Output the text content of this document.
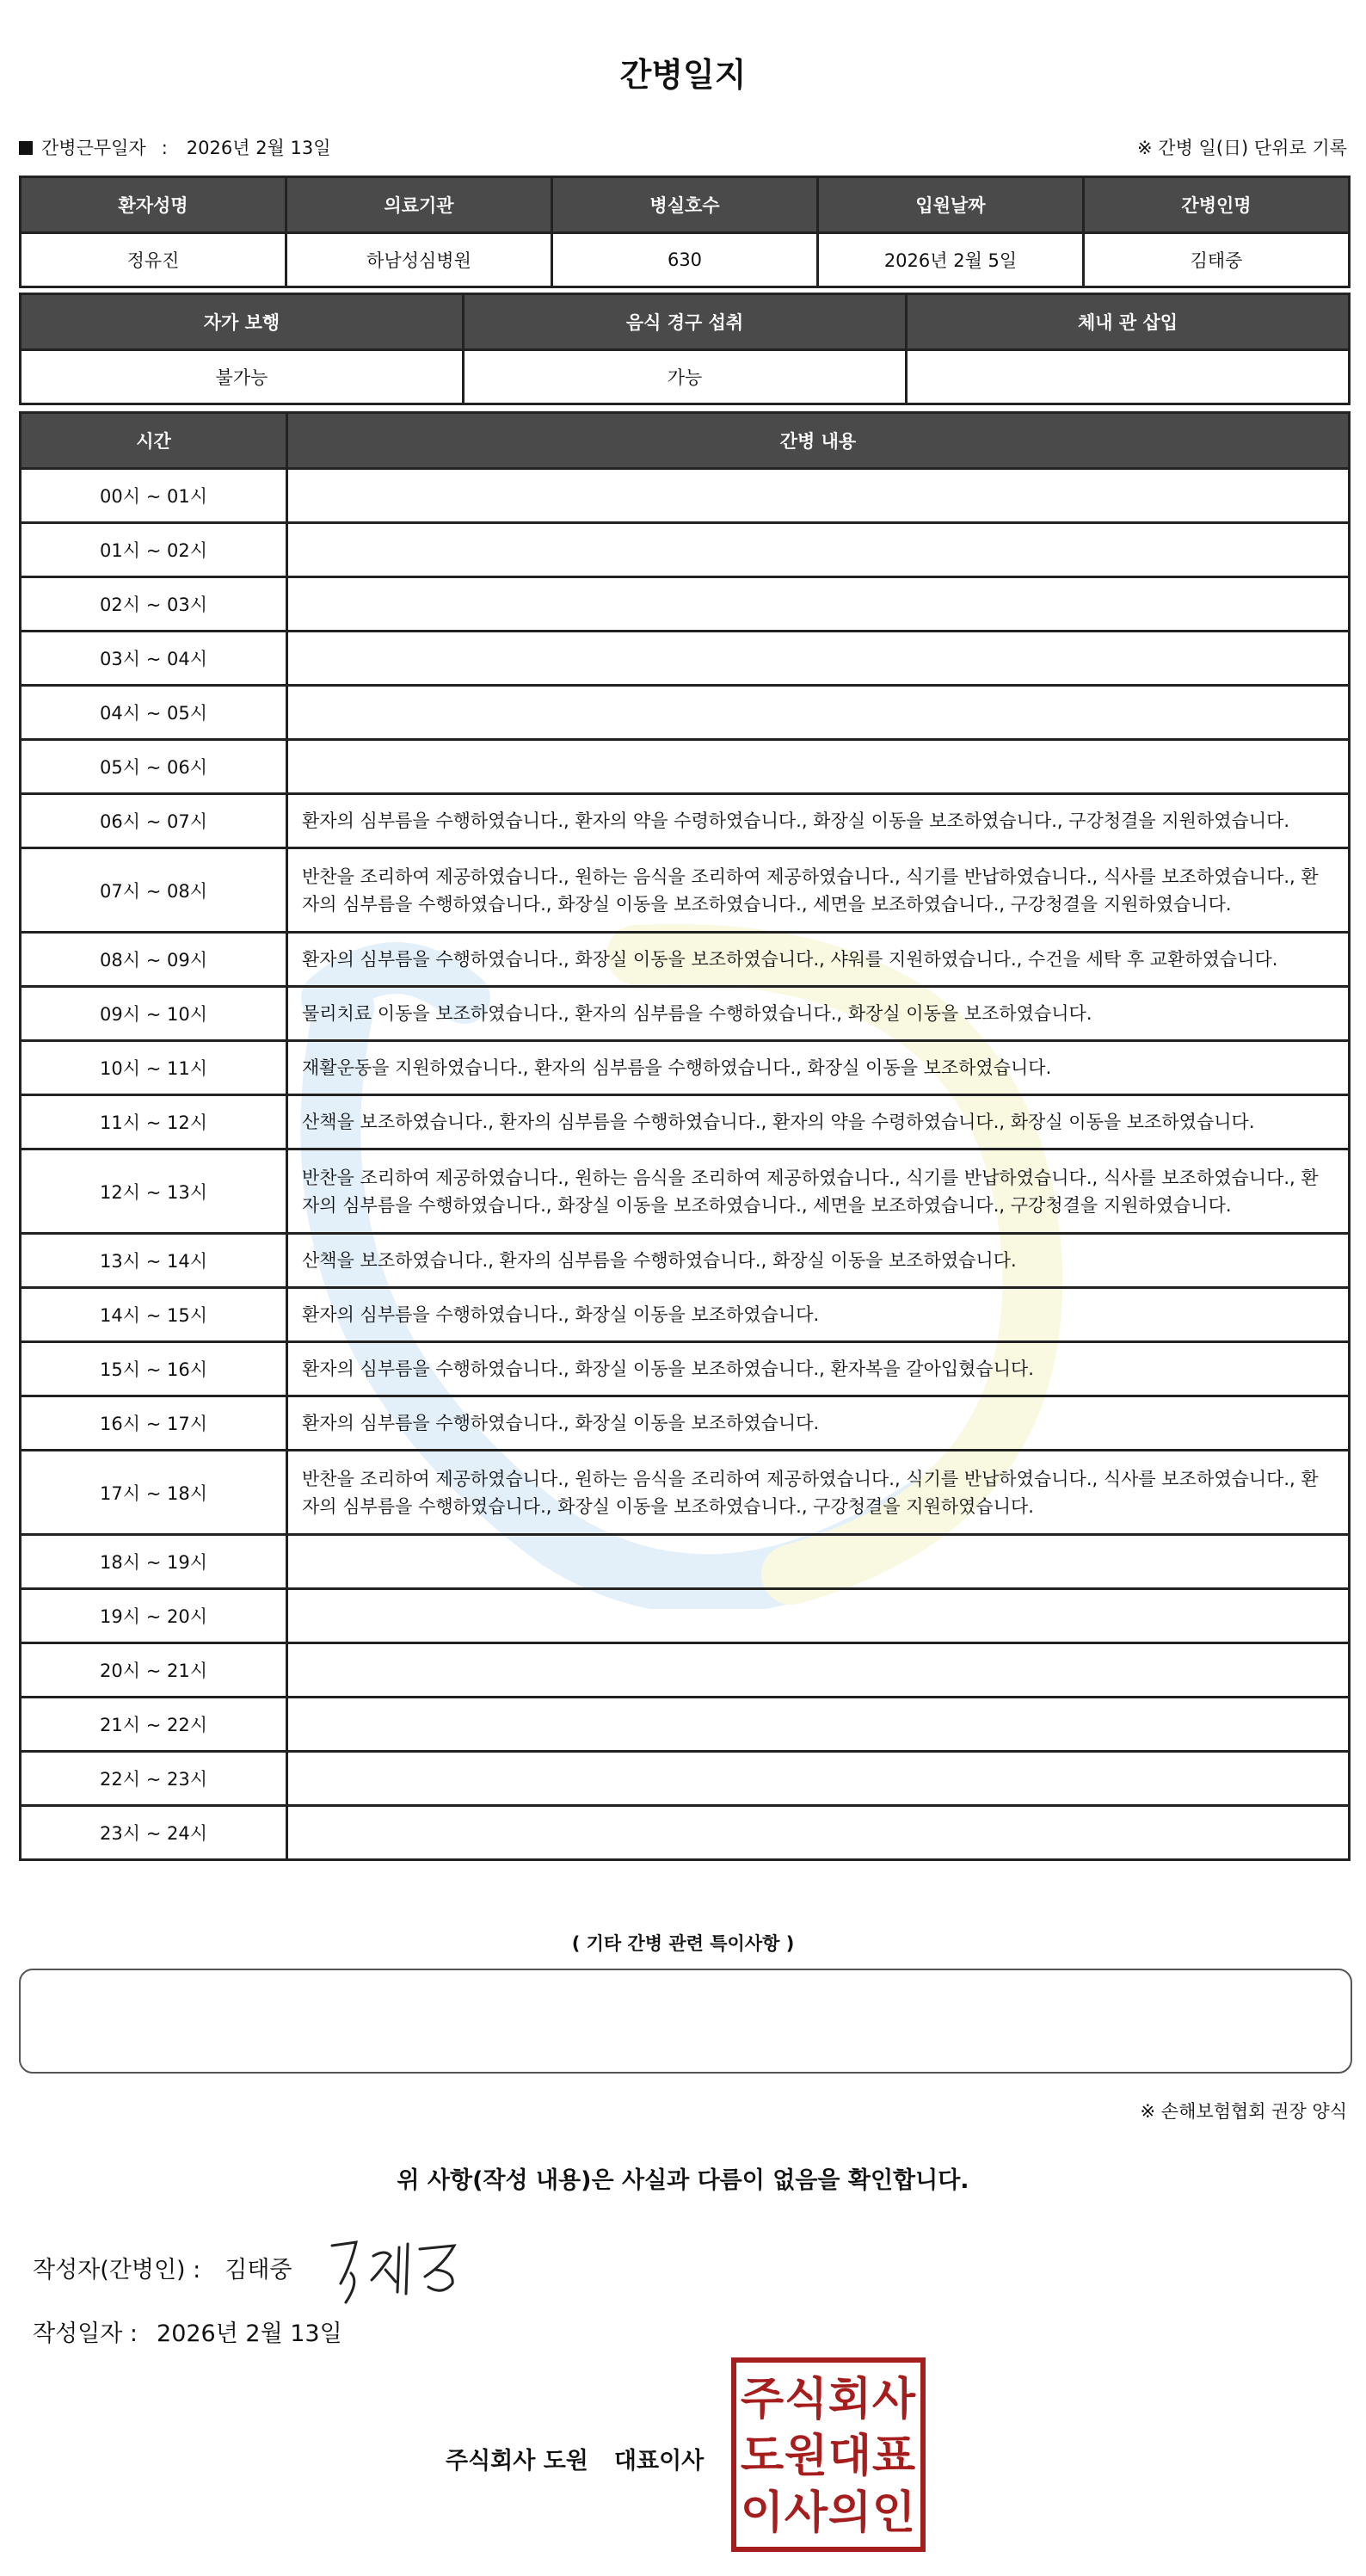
간병일지
간병근무일자 : 2026년 2월 13일	※ 간병 일(日) 단위로 기록
환자성명	의료기관	병실호수	입원날짜	간병인명
정유진	하남성심병원	630	2026년 2월 5일	김태중
자가 보행	음식 경구 섭취	체내 관 삽입
불가능	가능	
시간	간병 내용
00시 ~ 01시	
01시 ~ 02시	
02시 ~ 03시	
03시 ~ 04시	
04시 ~ 05시	
05시 ~ 06시	
06시 ~ 07시	환자의 심부름을 수행하였습니다., 환자의 약을 수령하였습니다., 화장실 이동을 보조하였습니다., 구강청결을 지원하였습니다.
07시 ~ 08시	반찬을 조리하여 제공하였습니다., 원하는 음식을 조리하여 제공하였습니다., 식기를 반납하였습니다., 식사를 보조하였습니다., 환자의 심부름을 수행하였습니다., 화장실 이동을 보조하였습니다., 세면을 보조하였습니다., 구강청결을 지원하였습니다.
08시 ~ 09시	환자의 심부름을 수행하였습니다., 화장실 이동을 보조하였습니다., 샤워를 지원하였습니다., 수건을 세탁 후 교환하였습니다.
09시 ~ 10시	물리치료 이동을 보조하였습니다., 환자의 심부름을 수행하였습니다., 화장실 이동을 보조하였습니다.
10시 ~ 11시	재활운동을 지원하였습니다., 환자의 심부름을 수행하였습니다., 화장실 이동을 보조하였습니다.
11시 ~ 12시	산책을 보조하였습니다., 환자의 심부름을 수행하였습니다., 환자의 약을 수령하였습니다., 화장실 이동을 보조하였습니다.
12시 ~ 13시	반찬을 조리하여 제공하였습니다., 원하는 음식을 조리하여 제공하였습니다., 식기를 반납하였습니다., 식사를 보조하였습니다., 환자의 심부름을 수행하였습니다., 화장실 이동을 보조하였습니다., 세면을 보조하였습니다., 구강청결을 지원하였습니다.
13시 ~ 14시	산책을 보조하였습니다., 환자의 심부름을 수행하였습니다., 화장실 이동을 보조하였습니다.
14시 ~ 15시	환자의 심부름을 수행하였습니다., 화장실 이동을 보조하였습니다.
15시 ~ 16시	환자의 심부름을 수행하였습니다., 화장실 이동을 보조하였습니다., 환자복을 갈아입혔습니다.
16시 ~ 17시	환자의 심부름을 수행하였습니다., 화장실 이동을 보조하였습니다.
17시 ~ 18시	반찬을 조리하여 제공하였습니다., 원하는 음식을 조리하여 제공하였습니다., 식기를 반납하였습니다., 식사를 보조하였습니다., 환자의 심부름을 수행하였습니다., 화장실 이동을 보조하였습니다., 구강청결을 지원하였습니다.
18시 ~ 19시	
19시 ~ 20시	
20시 ~ 21시	
21시 ~ 22시	
22시 ~ 23시	
23시 ~ 24시	
( 기타 간병 관련 특이사항 )
※ 손해보험협회 권장 양식
위 사항(작성 내용)은 사실과 다름이 없음을 확인합니다.
작성자(간병인) : 김태중
작성일자 : 2026년 2월 13일
주식회사 도원 대표이사
주 식 회 사
도 원 대 표
이 사 의 인
